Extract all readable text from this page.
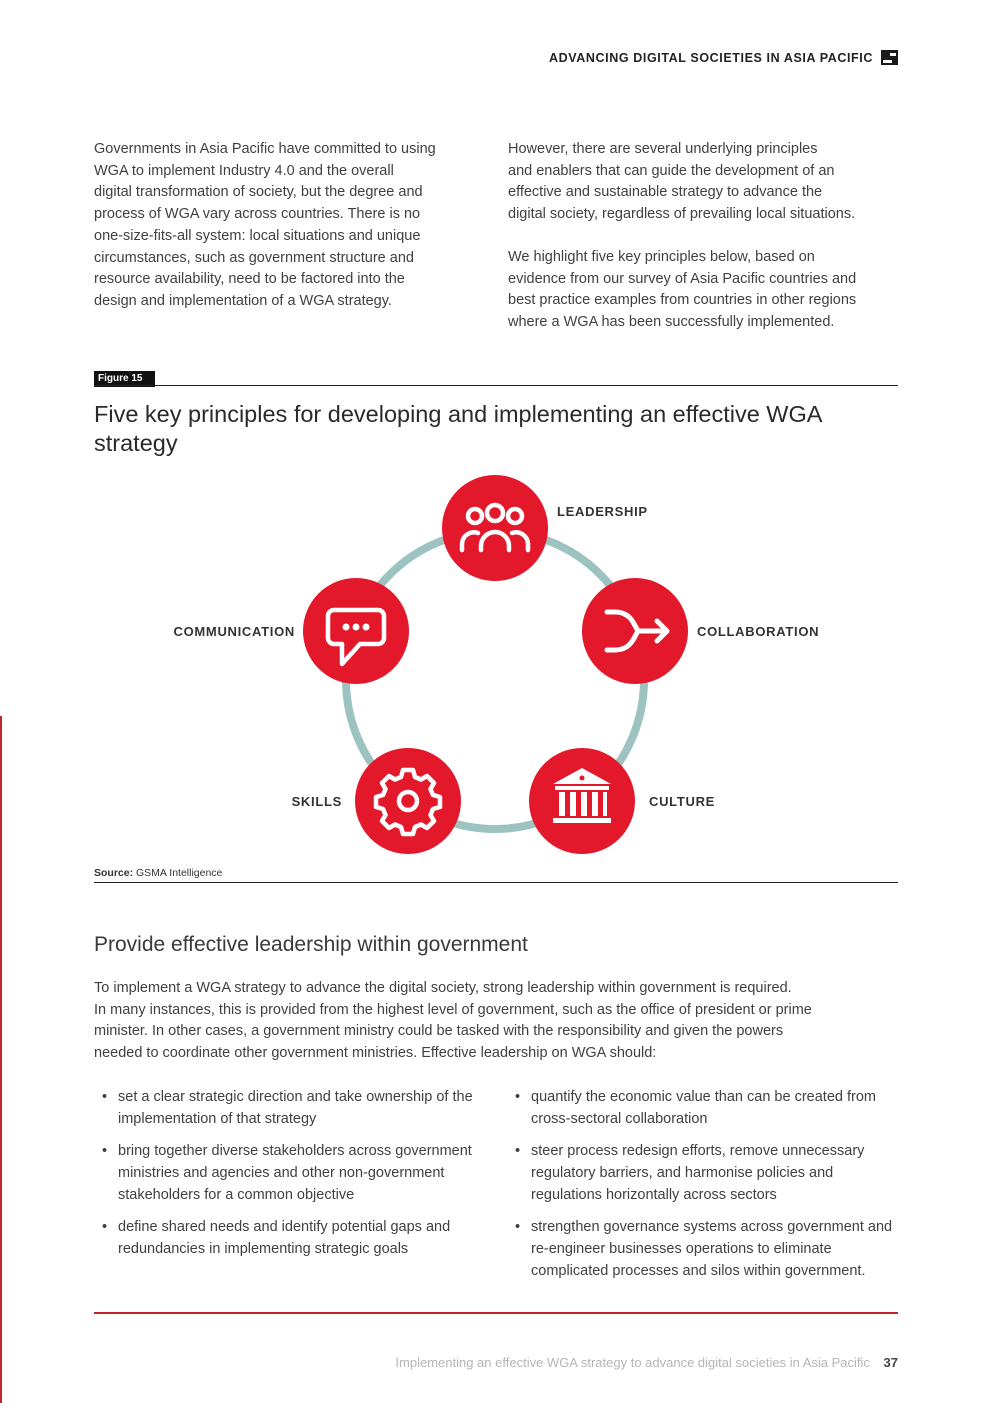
ADVANCING DIGITAL SOCIETIES IN ASIA PACIFIC

Governments in Asia Pacific have committed to using
WGA to implement Industry 4.0 and the overall
digital transformation of society, but the degree and
process of WGA vary across countries. There is no
one-size-fits-all system: local situations and unique
circumstances, such as government structure and
resource availability, need to be factored into the
design and implementation of a WGA strategy.

However, there are several underlying principles
and enablers that can guide the development of an
effective and sustainable strategy to advance the
digital society, regardless of prevailing local situations.

We highlight five key principles below, based on
evidence from our survey of Asia Pacific countries and
best practice examples from countries in other regions
where a WGA has been successfully implemented.

Figure 15
Five key principles for developing and implementing an effective WGA strategy
LEADERSHIP
COLLABORATION
CULTURE
SKILLS
COMMUNICATION
Source: GSMA Intelligence
Provide effective leadership within government

To implement a WGA strategy to advance the digital society, strong leadership within government is required.
In many instances, this is provided from the highest level of government, such as the office of president or prime
minister. In other cases, a government ministry could be tasked with the responsibility and given the powers
needed to coordinate other government ministries. Effective leadership on WGA should:

• set a clear strategic direction and take ownership of the implementation of that strategy
• bring together diverse stakeholders across government ministries and agencies and other non-government stakeholders for a common objective
• define shared needs and identify potential gaps and redundancies in implementing strategic goals
• quantify the economic value than can be created from cross-sectoral collaboration
• steer process redesign efforts, remove unnecessary regulatory barriers, and harmonise policies and regulations horizontally across sectors
• strengthen governance systems across government and re-engineer businesses operations to eliminate complicated processes and silos within government.
Implementing an effective WGA strategy to advance digital societies in Asia Pacific 37
